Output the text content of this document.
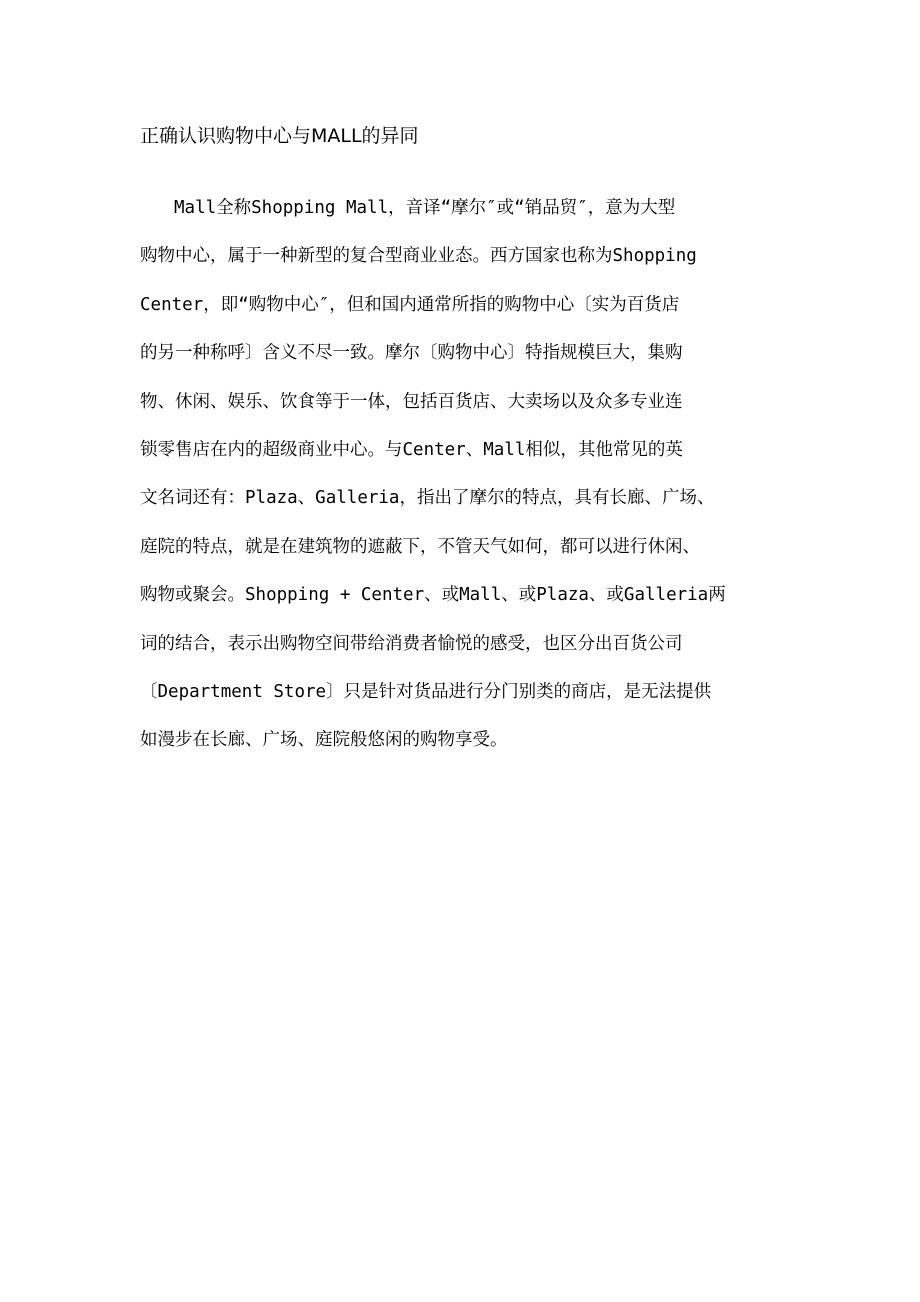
正确认识购物中心与MALL的异同
Mall全称Shopping Mall，音译“摩尔″或“销品贸″，意为大型
购物中心，属于一种新型的复合型商业业态。西方国家也称为Shopping
Center，即“购物中心″，但和国内通常所指的购物中心〔实为百货店
的另一种称呼〕含义不尽一致。摩尔〔购物中心〕特指规模巨大，集购
物、休闲、娱乐、饮食等于一体，包括百货店、大卖场以及众多专业连
锁零售店在内的超级商业中心。与Center、Mall相似，其他常见的英
文名词还有：Plaza、Galleria，指出了摩尔的特点，具有长廊、广场、
庭院的特点，就是在建筑物的遮蔽下，不管天气如何，都可以进行休闲、
购物或聚会。Shopping + Center、或Mall、或Plaza、或Galleria两
词的结合，表示出购物空间带给消费者愉悦的感受，也区分出百货公司
〔Department Store〕只是针对货品进行分门别类的商店，是无法提供
如漫步在长廊、广场、庭院般悠闲的购物享受。
